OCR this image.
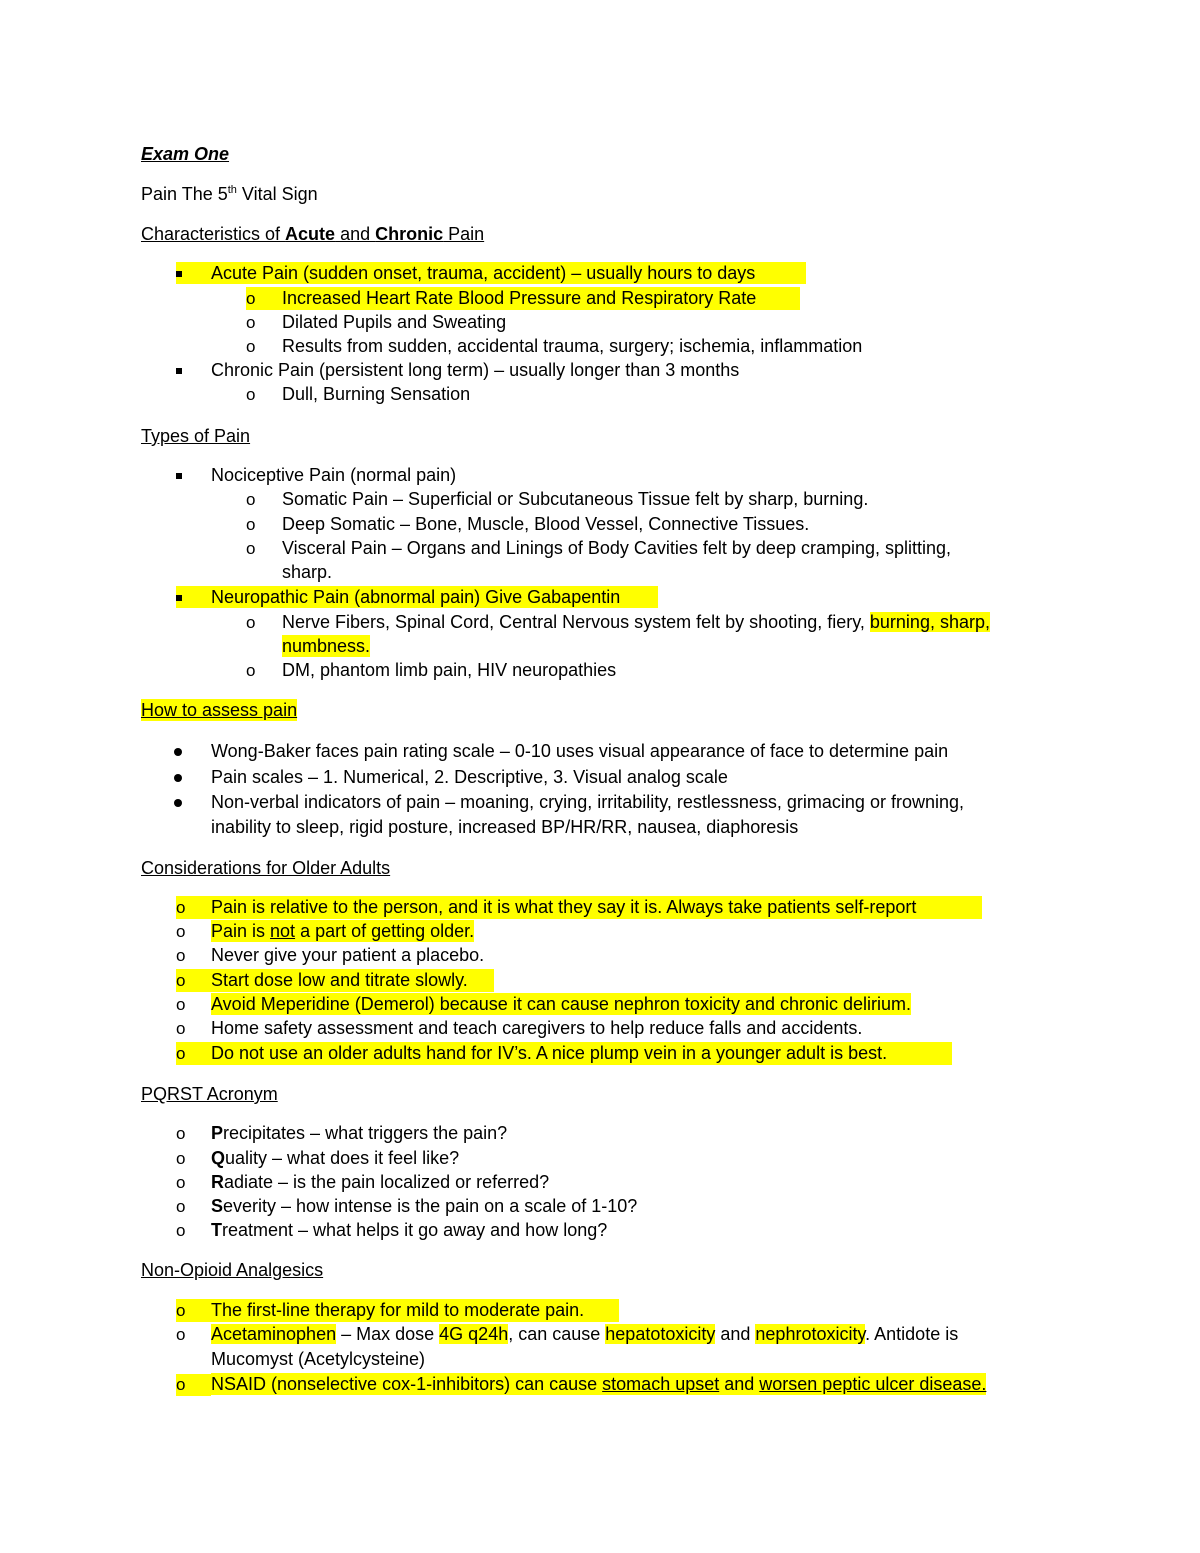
Exam One
Pain The 5th Vital Sign
Characteristics of Acute and Chronic Pain
Acute Pain (sudden onset, trauma, accident) – usually hours to days
o Increased Heart Rate Blood Pressure and Respiratory Rate
o Dilated Pupils and Sweating
o Results from sudden, accidental trauma, surgery; ischemia, inflammation
Chronic Pain (persistent long term) – usually longer than 3 months
o Dull, Burning Sensation
Types of Pain
Nociceptive Pain (normal pain)
o Somatic Pain – Superficial or Subcutaneous Tissue felt by sharp, burning.
o Deep Somatic – Bone, Muscle, Blood Vessel, Connective Tissues.
o Visceral Pain – Organs and Linings of Body Cavities felt by deep cramping, splitting,
sharp.
Neuropathic Pain (abnormal pain) Give Gabapentin
o Nerve Fibers, Spinal Cord, Central Nervous system felt by shooting, fiery, burning, sharp,
numbness.
o DM, phantom limb pain, HIV neuropathies
How to assess pain
Wong-Baker faces pain rating scale – 0-10 uses visual appearance of face to determine pain
Pain scales – 1. Numerical, 2. Descriptive, 3. Visual analog scale
Non-verbal indicators of pain – moaning, crying, irritability, restlessness, grimacing or frowning,
inability to sleep, rigid posture, increased BP/HR/RR, nausea, diaphoresis
Considerations for Older Adults
o Pain is relative to the person, and it is what they say it is. Always take patients self-report
o Pain is not a part of getting older.
o Never give your patient a placebo.
o Start dose low and titrate slowly.
o Avoid Meperidine (Demerol) because it can cause nephron toxicity and chronic delirium.
o Home safety assessment and teach caregivers to help reduce falls and accidents.
o Do not use an older adults hand for IV’s. A nice plump vein in a younger adult is best.
PQRST Acronym
o Precipitates – what triggers the pain?
o Quality – what does it feel like?
o Radiate – is the pain localized or referred?
o Severity – how intense is the pain on a scale of 1-10?
o Treatment – what helps it go away and how long?
Non-Opioid Analgesics
o The first-line therapy for mild to moderate pain.
o Acetaminophen – Max dose 4G q24h, can cause hepatotoxicity and nephrotoxicity. Antidote is
Mucomyst (Acetylcysteine)
o NSAID (nonselective cox-1-inhibitors) can cause stomach upset and worsen peptic ulcer disease.
